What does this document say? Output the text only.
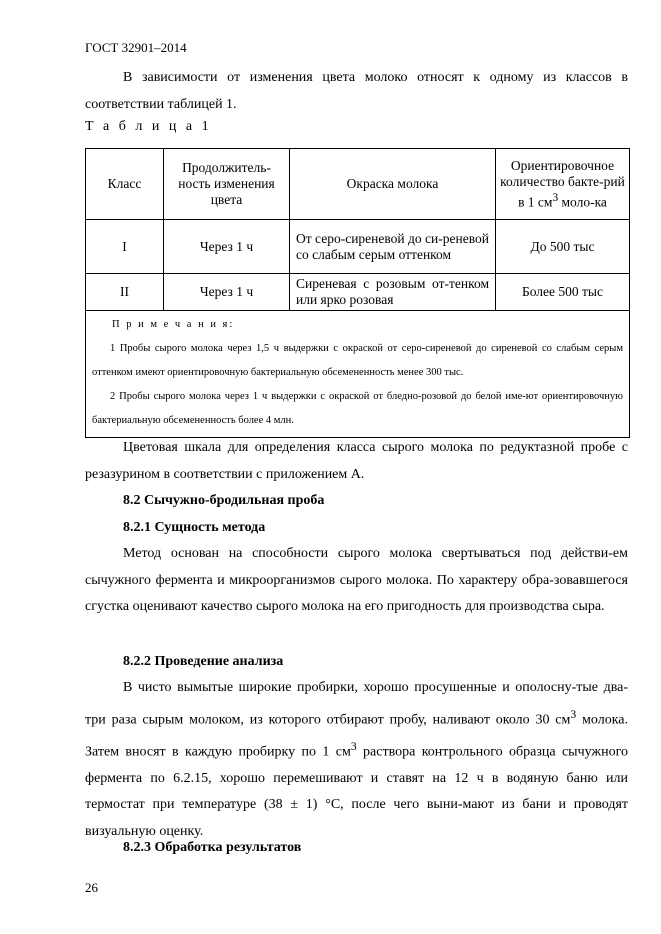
ГОСТ 32901–2014

В зависимости от изменения цвета молоко относят к одному из классов в соответствии таблицей 1.

Т а б л и ц а 1
Класс	Продолжитель-ность изменения цвета	Окраска молока	Ориентировочное количество бакте-рий в 1 $см^3$ моло-ка
I	Через 1 ч	От серо-сиреневой до си-реневой со слабым серым оттенком	До 500 тыс
II	Через 1 ч	Сиреневая с розовым от-тенком или ярко розовая	Более 500 тыс

П р и м е ч а н и я:
1 Пробы сырого молока через 1,5 ч выдержки с окраской от серо-сиреневой до сиреневой со слабым серым оттенком имеют ориентировочную бактериальную обсемененность менее 300 тыс.
2 Пробы сырого молока через 1 ч выдержки с окраской от бледно-розовой до белой име-ют ориентировочную бактериальную обсемененность более 4 млн.			

Цветовая шкала для определения класса сырого молока по редуктазной пробе с резазурином в соответствии с приложением А.

8.2 Сычужно-бродильная проба
8.2.1 Сущность метода

Метод основан на способности сырого молока свертываться под действи-ем сычужного фермента и микроорганизмов сырого молока. По характеру обра-зовавшегося сгустка оценивают качество сырого молока на его пригодность для производства сыра.

8.2.2 Проведение анализа

В чисто вымытые широкие пробирки, хорошо просушенные и ополосну-тые два-три раза сырым молоком, из которого отбирают пробу, наливают около 30 $см^3$ молока. Затем вносят в каждую пробирку по 1 $см^3$ раствора контрольного образца сычужного фермента по 6.2.15, хорошо перемешивают и ставят на 12 ч в водяную баню или термостат при температуре (38 ± 1) °С, после чего выни-мают из бани и проводят визуальную оценку.

8.2.3 Обработка результатов
26
